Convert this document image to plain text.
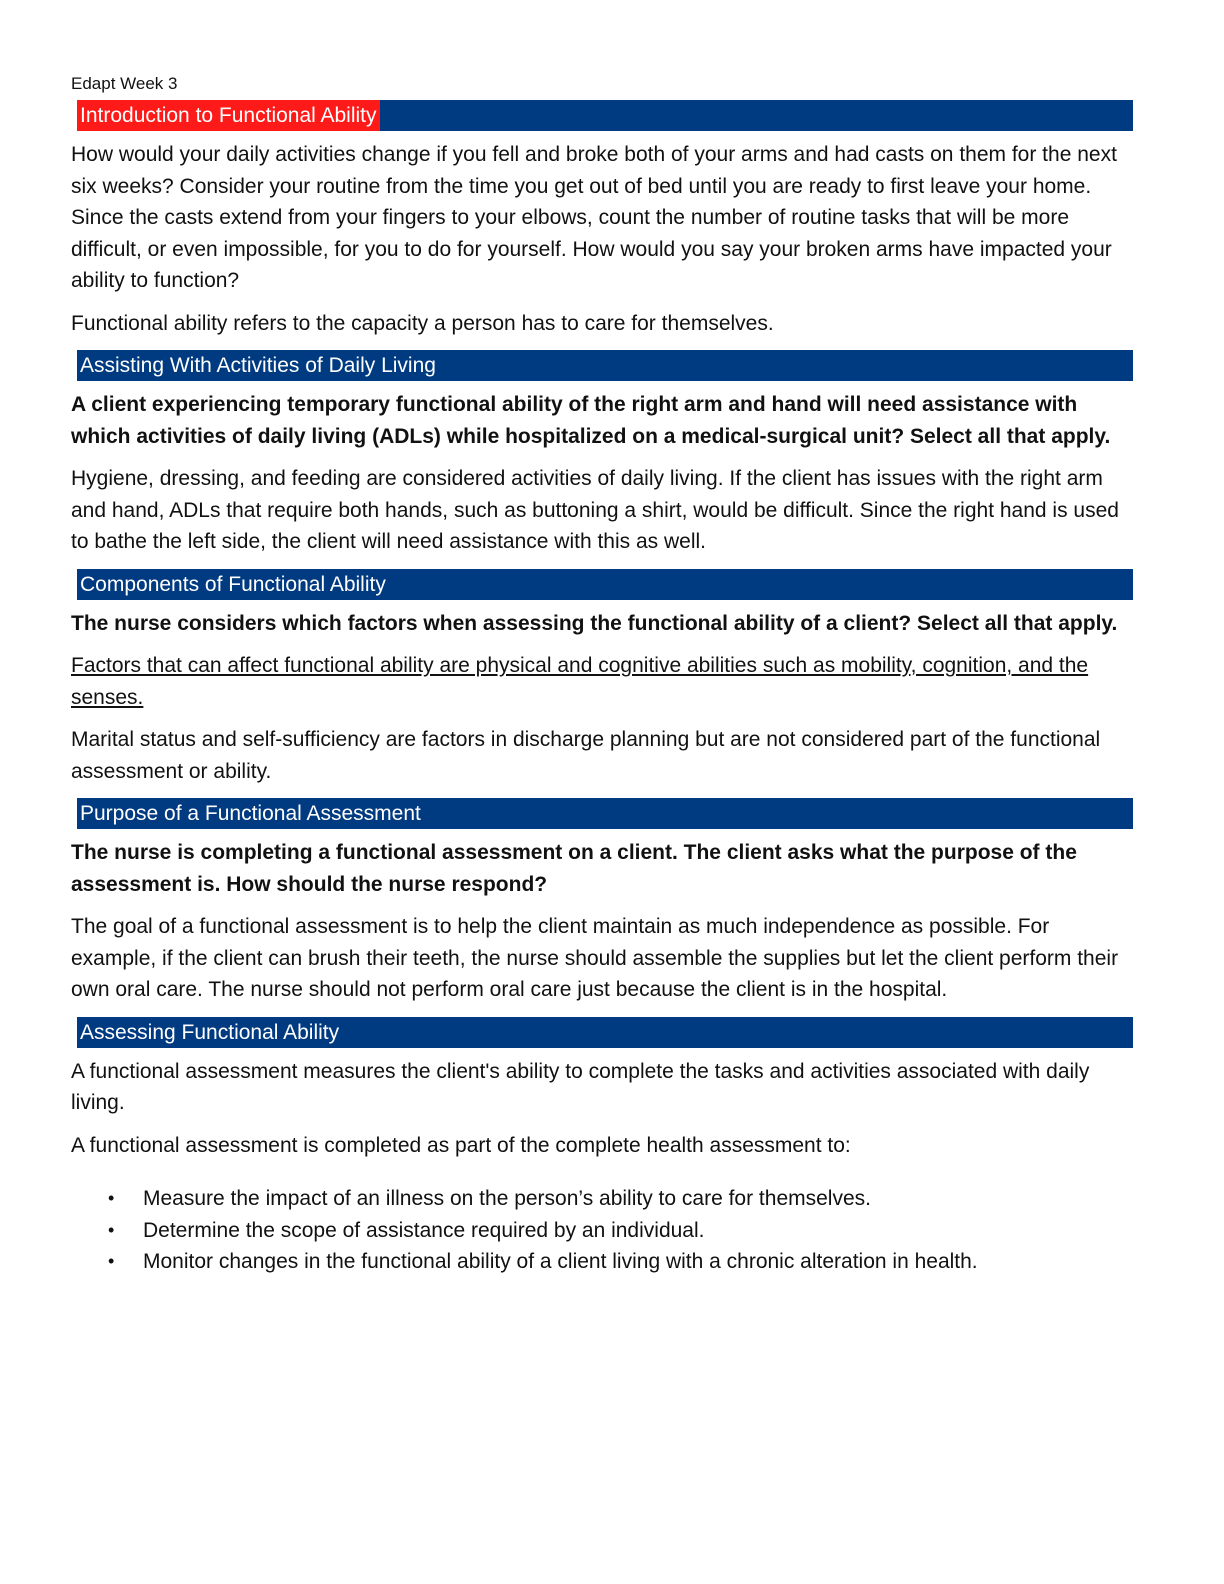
Edapt Week 3
Introduction to Functional Ability

How would your daily activities change if you fell and broke both of your arms and had casts on them for the next six weeks? Consider your routine from the time you get out of bed until you are ready to first leave your home. Since the casts extend from your fingers to your elbows, count the number of routine tasks that will be more difficult, or even impossible, for you to do for yourself. How would you say your broken arms have impacted your ability to function?

Functional ability refers to the capacity a person has to care for themselves.

Assisting With Activities of Daily Living

A client experiencing temporary functional ability of the right arm and hand will need assistance with which activities of daily living (ADLs) while hospitalized on a medical-surgical unit? Select all that apply.

Hygiene, dressing, and feeding are considered activities of daily living. If the client has issues with the right arm and hand, ADLs that require both hands, such as buttoning a shirt, would be difficult. Since the right hand is used to bathe the left side, the client will need assistance with this as well.

Components of Functional Ability

The nurse considers which factors when assessing the functional ability of a client? Select all that apply.

Factors that can affect functional ability are physical and cognitive abilities such as mobility, cognition, and the senses.

Marital status and self-sufficiency are factors in discharge planning but are not considered part of the functional assessment or ability.

Purpose of a Functional Assessment

The nurse is completing a functional assessment on a client. The client asks what the purpose of the assessment is. How should the nurse respond?

The goal of a functional assessment is to help the client maintain as much independence as possible. For example, if the client can brush their teeth, the nurse should assemble the supplies but let the client perform their own oral care. The nurse should not perform oral care just because the client is in the hospital.

Assessing Functional Ability

A functional assessment measures the client's ability to complete the tasks and activities associated with daily living.

A functional assessment is completed as part of the complete health assessment to:

• Measure the impact of an illness on the person’s ability to care for themselves.
• Determine the scope of assistance required by an individual.
• Monitor changes in the functional ability of a client living with a chronic alteration in health.
